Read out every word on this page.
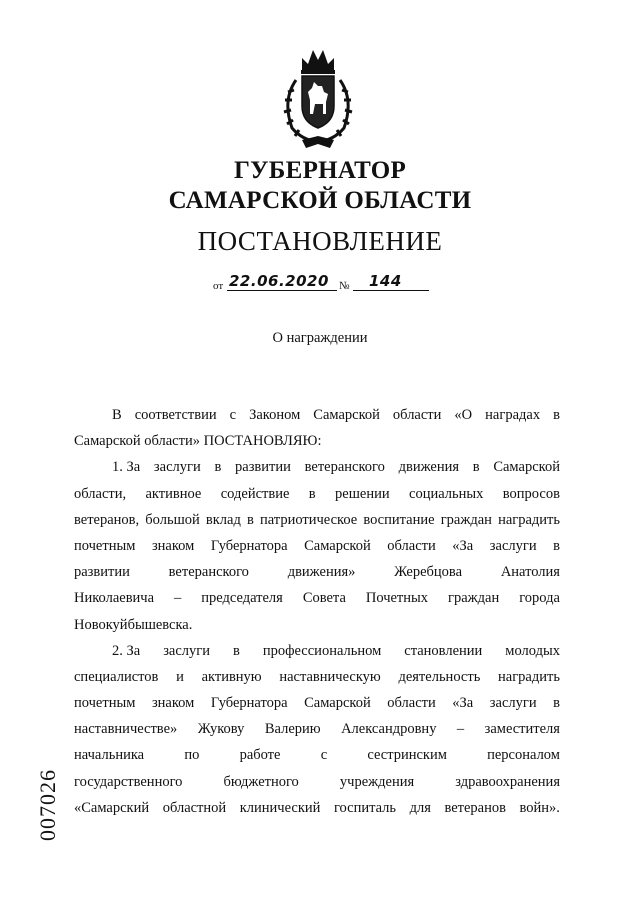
ГУБЕРНАТОР
САМАРСКОЙ ОБЛАСТИ
ПОСТАНОВЛЕНИЕ
от 22.06.2020 № 144
О награждении
В соответствии с Законом Самарской области «О наградах в
Самарской области» ПОСТАНОВЛЯЮ:
1. За заслуги в развитии ветеранского движения в Самарской
области, активное содействие в решении социальных вопросов
ветеранов, большой вклад в патриотическое воспитание граждан наградить
почетным знаком Губернатора Самарской области «За заслуги в
развитии	ветеранского	движения»	Жеребцова	Анатолия
Николаевича – председателя Совета Почетных граждан города
Новокуйбышевска.
2. За заслуги в профессиональном становлении молодых
специалистов и активную наставническую деятельность наградить
почетным знаком Губернатора Самарской области «За заслуги в
наставничестве» Жукову Валерию Александровну – заместителя
начальника	по	работе	с	сестринским	персоналом
государственного	бюджетного	учреждения	здравоохранения
«Самарский областной клинический госпиталь для ветеранов войн».
007026
